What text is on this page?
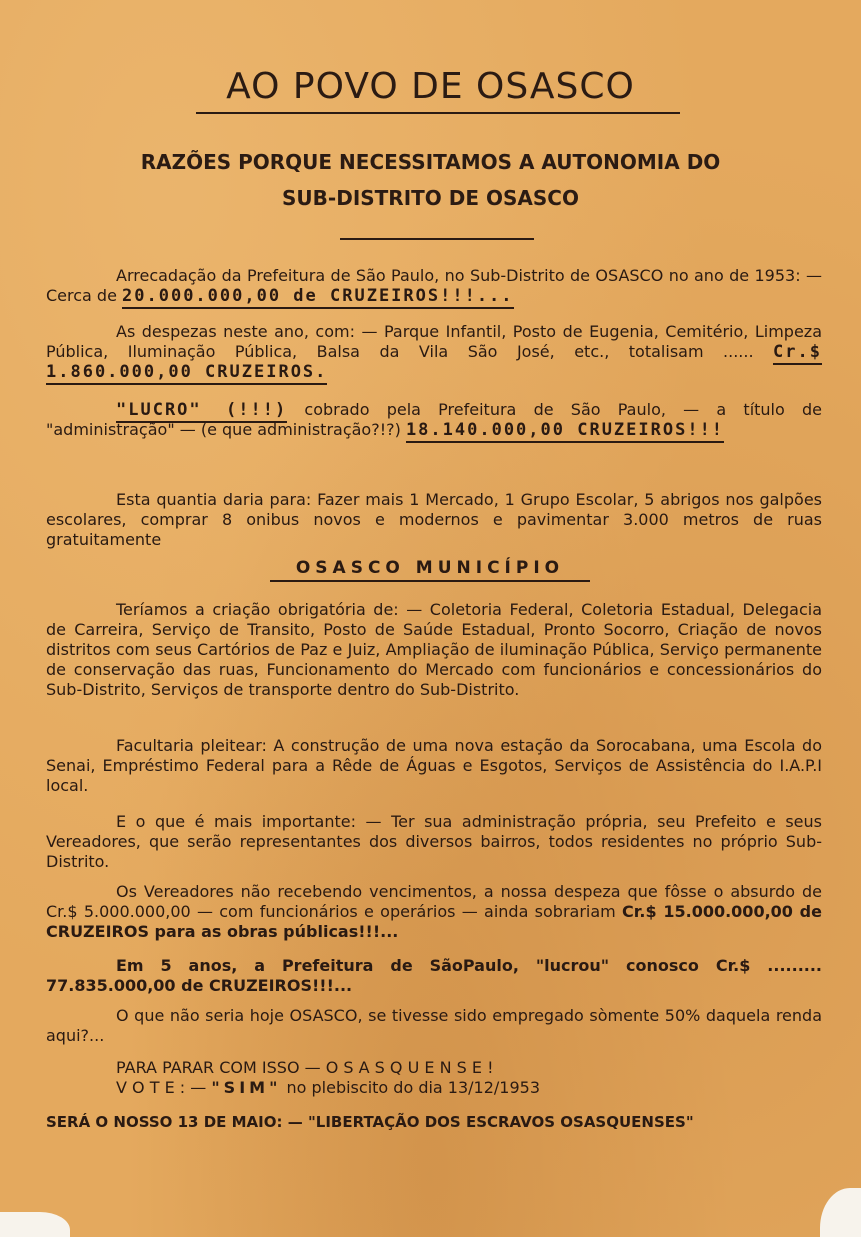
AO POVO DE OSASCO
RAZÕES PORQUE NECESSITAMOS A AUTONOMIA DO
SUB-DISTRITO DE OSASCO

Arrecadação da Prefeitura de São Paulo, no Sub-Distrito de OSASCO no ano de 1953: — Cerca de 20.000.000,00 de CRUZEIROS!!!...

As despezas neste ano, com: — Parque Infantil, Posto de Eugenia, Cemitério, Limpeza Pública, Iluminação Pública, Balsa da Vila São José, etc., totalisam ...... Cr.$ 1.860.000,00 CRUZEIROS.

"LUCRO" (!!!) cobrado pela Prefeitura de São Paulo, — a título de "administração" — (e que administração?!?) 18.140.000,00 CRUZEIROS!!!

Esta quantia daria para: Fazer mais 1 Mercado, 1 Grupo Escolar, 5 abrigos nos galpões escolares, comprar 8 onibus novos e modernos e pavimentar 3.000 metros de ruas gratuitamente

OSASCO MUNICÍPIO

Teríamos a criação obrigatória de: — Coletoria Federal, Coletoria Estadual, Delegacia de Carreira, Serviço de Transito, Posto de Saúde Estadual, Pronto Socorro, Criação de novos distritos com seus Cartórios de Paz e Juiz, Ampliação de iluminação Pública, Serviço permanente de conservação das ruas, Funcionamento do Mercado com funcionários e concessionários do Sub-Distrito, Serviços de transporte dentro do Sub-Distrito.

Facultaria pleitear: A construção de uma nova estação da Sorocabana, uma Escola do Senai, Empréstimo Federal para a Rêde de Águas e Esgotos, Serviços de Assistência do I.A.P.I local.

E o que é mais importante: — Ter sua administração própria, seu Prefeito e seus Vereadores, que serão representantes dos diversos bairros, todos residentes no próprio Sub-Distrito.

Os Vereadores não recebendo vencimentos, a nossa despeza que fôsse o absurdo de Cr.$ 5.000.000,00 — com funcionários e operários — ainda sobrariam Cr.$ 15.000.000,00 de CRUZEIROS para as obras públicas!!!...

Em 5 anos, a Prefeitura de SãoPaulo, "lucrou" conosco Cr.$ ......... 77.835.000,00 de CRUZEIROS!!!...

O que não seria hoje OSASCO, se tivesse sido empregado sòmente 50% daquela renda aqui?...

PARA PARAR COM ISSO — O S A S Q U E N S E !

V O T E : — "SIM" no plebiscito do dia 13/12/1953

SERÁ O NOSSO 13 DE MAIO: — "LIBERTAÇÃO DOS ESCRAVOS OSASQUENSES"
